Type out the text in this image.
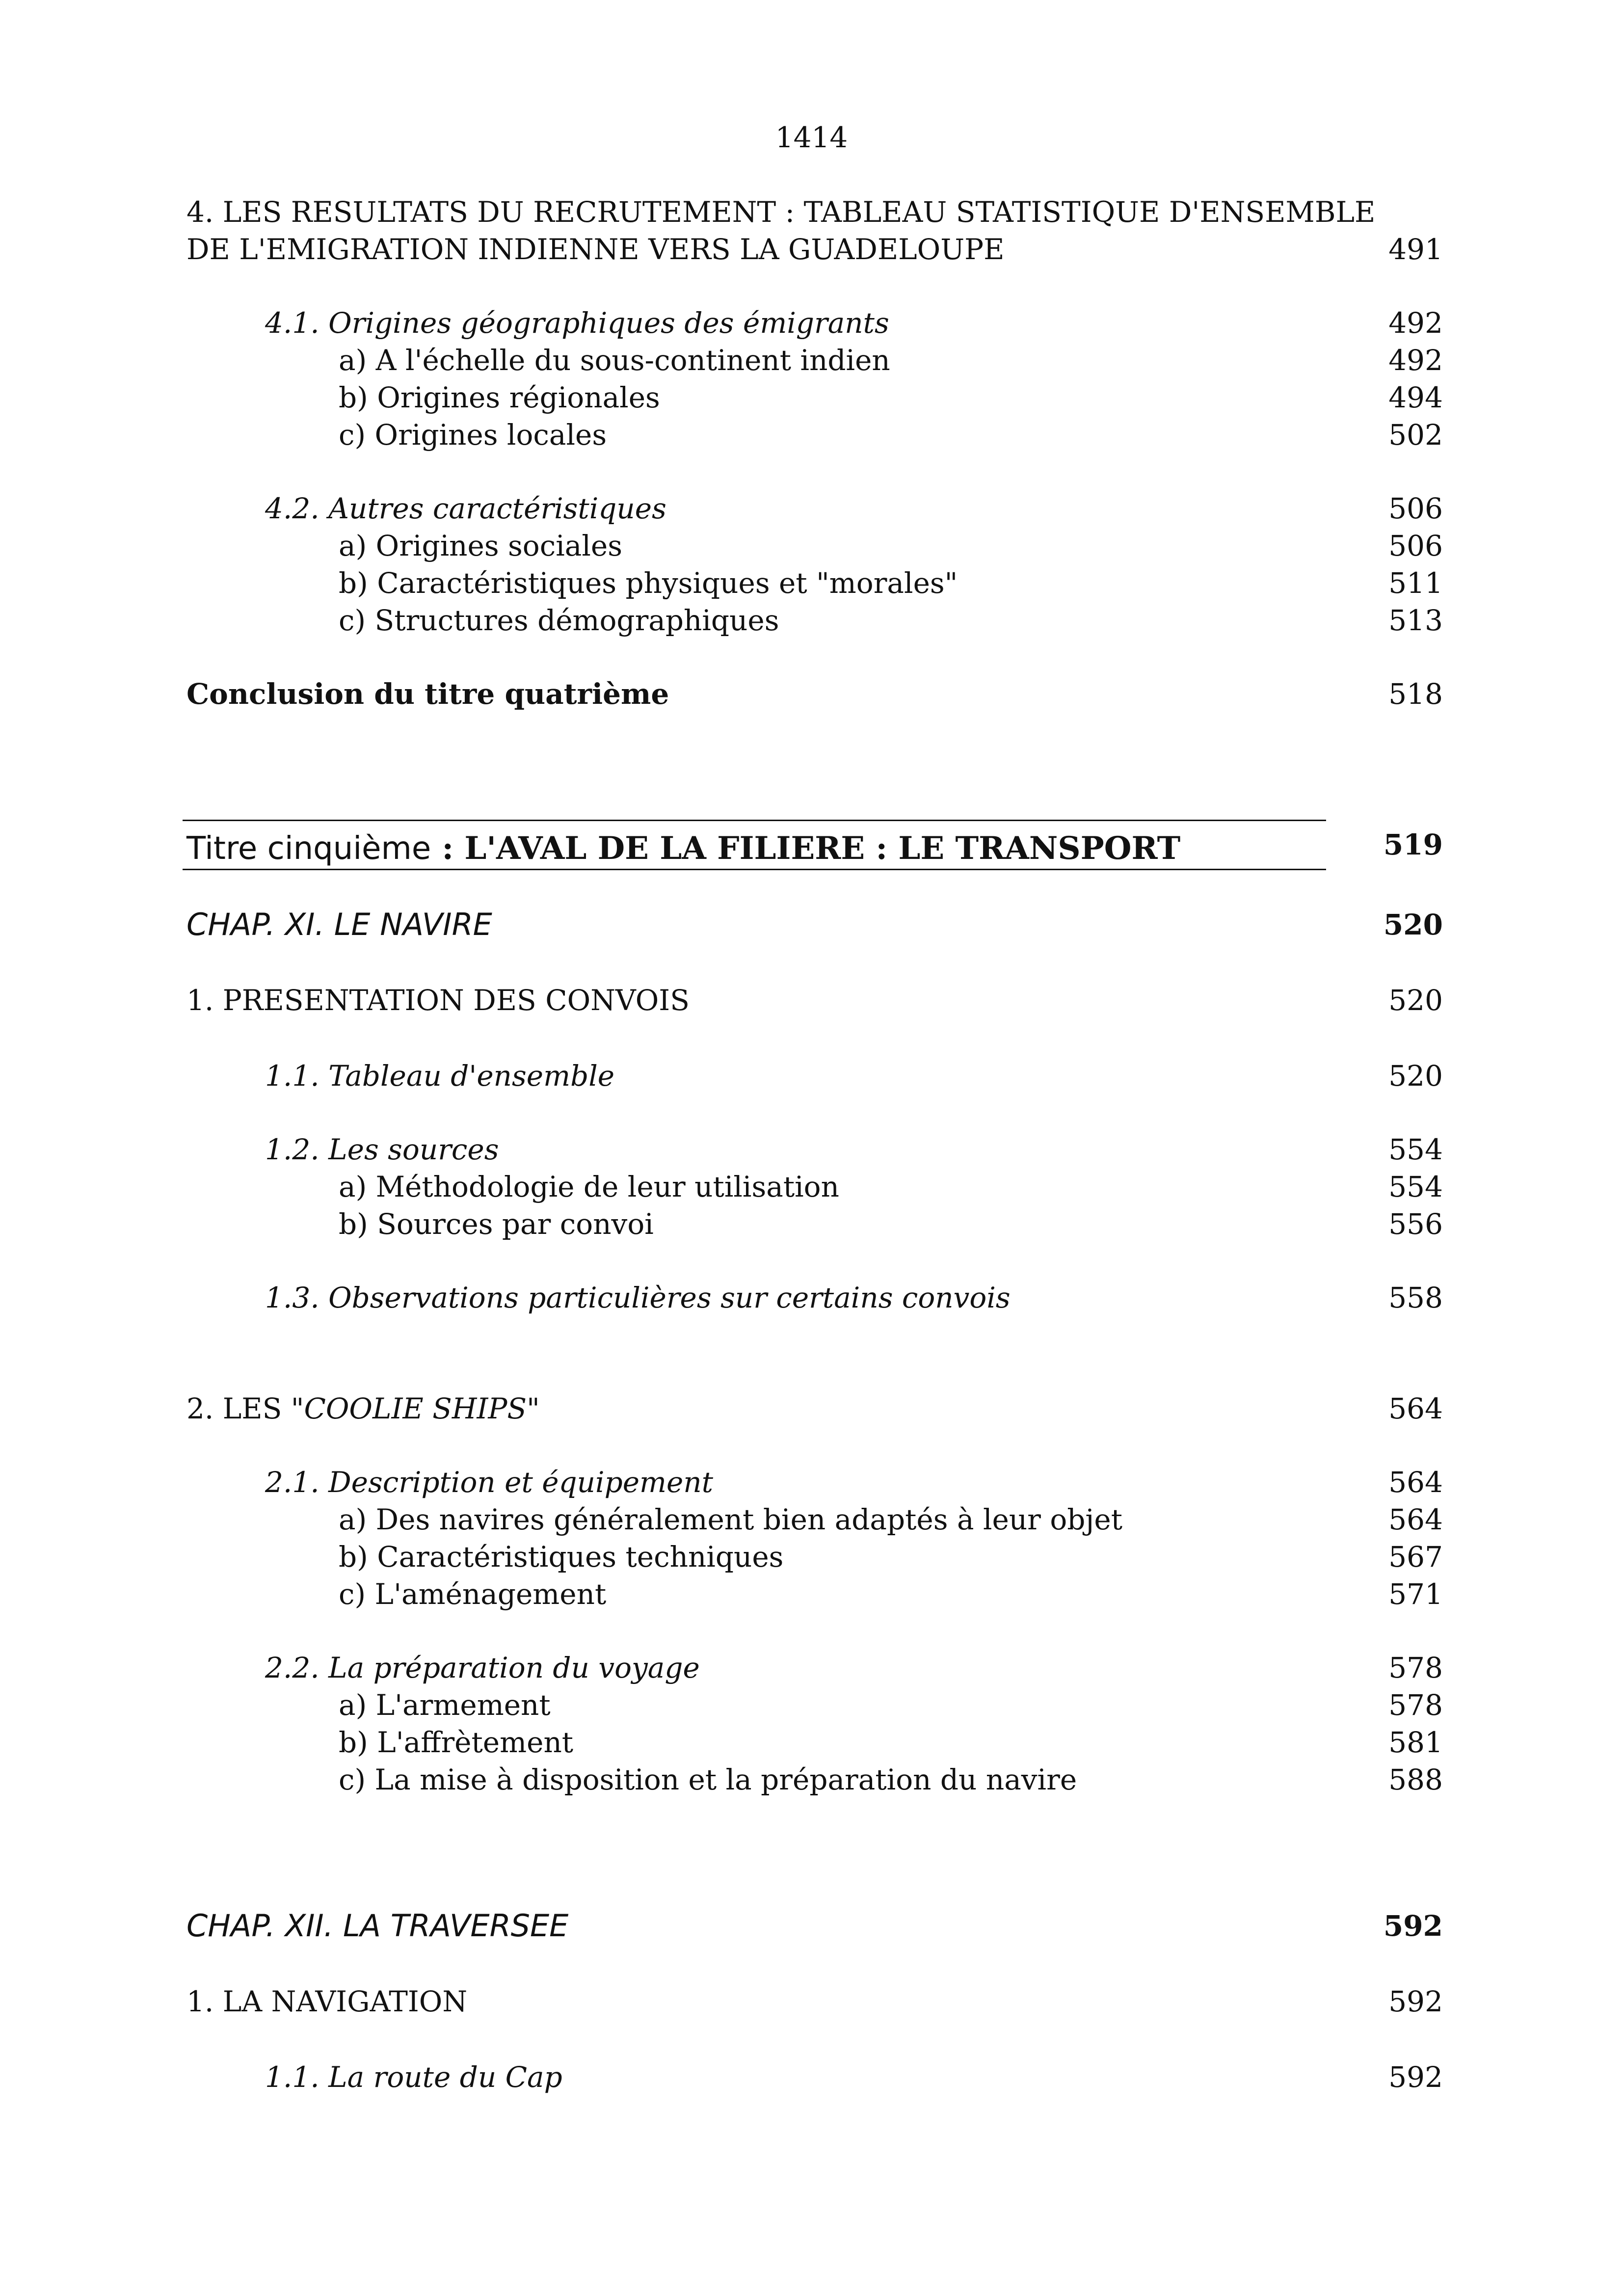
1414
4. LES RESULTATS DU RECRUTEMENT : TABLEAU STATISTIQUE D'ENSEMBLE
DE L'EMIGRATION INDIENNE VERS LA GUADELOUPE	491
4.1. Origines géographiques des émigrants	492
a) A l'échelle du sous-continent indien	492
b) Origines régionales	494
c) Origines locales	502
4.2. Autres caractéristiques	506
a) Origines sociales	506
b) Caractéristiques physiques et "morales"	511
c) Structures démographiques	513
Conclusion du titre quatrième	518
Titre cinquième : L'AVAL DE LA FILIERE : LE TRANSPORT	519
CHAP. XI. LE NAVIRE	520
1. PRESENTATION DES CONVOIS	520
1.1. Tableau d'ensemble	520
1.2. Les sources	554
a) Méthodologie de leur utilisation	554
b) Sources par convoi	556
1.3. Observations particulières sur certains convois	558
2. LES "COOLIE SHIPS"	564
2.1. Description et équipement	564
a) Des navires généralement bien adaptés à leur objet	564
b) Caractéristiques techniques	567
c) L'aménagement	571
2.2. La préparation du voyage	578
a) L'armement	578
b) L'affrètement	581
c) La mise à disposition et la préparation du navire	588
CHAP. XII. LA TRAVERSEE	592
1. LA NAVIGATION	592
1.1. La route du Cap	592
